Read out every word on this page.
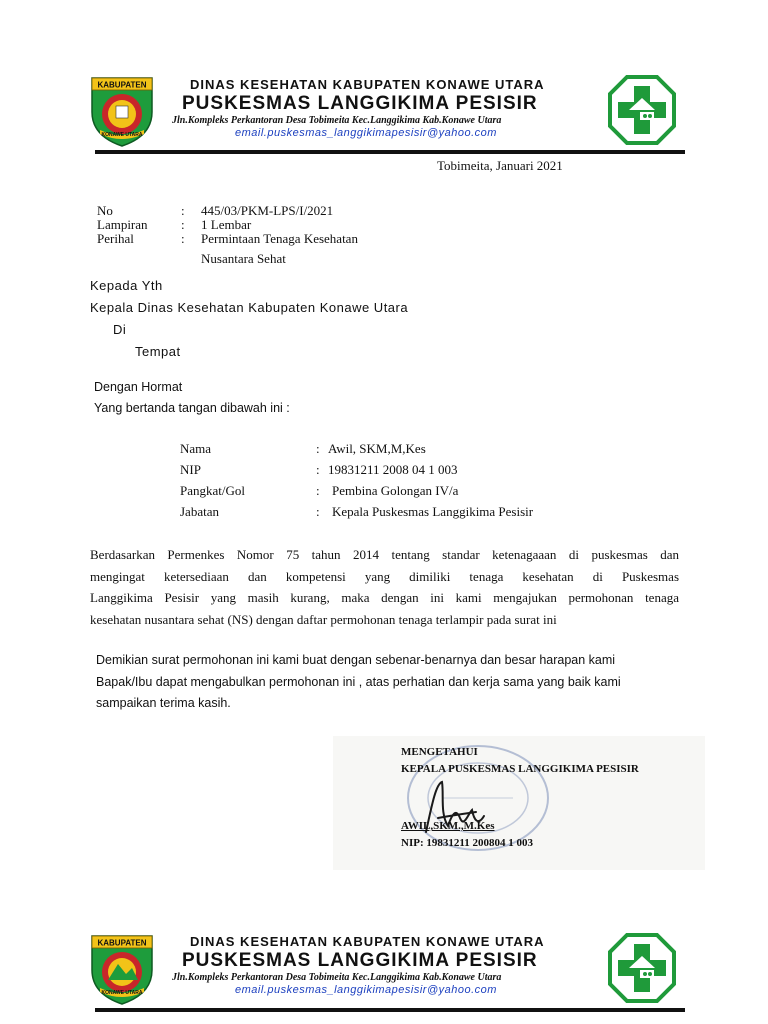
KABUPATEN
KONAWE UTARA
DINAS KESEHATAN KABUPATEN KONAWE UTARA
PUSKESMAS LANGGIKIMA PESISIR
Jln.Kompleks Perkantoran Desa Tobimeita Kec.Langgikima Kab.Konawe Utara
email.puskesmas_langgikimapesisir@yahoo.com
Tobimeita, Januari 2021
No	: 445/03/PKM-LPS/I/2021
Lampiran	: 1 Lembar
Perihal	: Permintaan Tenaga Kesehatan
Nusantara Sehat
Kepada Yth
Kepala Dinas Kesehatan Kabupaten Konawe Utara
Di
Tempat
Dengan Hormat
Yang bertanda tangan dibawah ini :
Nama	: Awil, SKM,M,Kes
NIP	: 19831211 2008 04 1 003
Pangkat/Gol	: Pembina Golongan IV/a
Jabatan	: Kepala Puskesmas Langgikima Pesisir
Berdasarkan Permenkes Nomor 75 tahun 2014 tentang standar ketenagaaan di puskesmas dan
mengingat ketersediaan dan kompetensi yang dimiliki tenaga kesehatan di Puskesmas
Langgikima Pesisir yang masih kurang, maka dengan ini kami mengajukan permohonan tenaga
kesehatan nusantara sehat (NS) dengan daftar permohonan tenaga terlampir pada surat ini
Demikian surat permohonan ini kami buat dengan sebenar-benarnya dan besar harapan kami
Bapak/Ibu dapat mengabulkan permohonan ini , atas perhatian dan kerja sama yang baik kami
sampaikan terima kasih.
MENGETAHUI
KEPALA PUSKESMAS LANGGIKIMA PESISIR
AWIL,SKM.,M.Kes
NIP: 19831211 200804 1 003
KABUPATEN
KONAWE UTARA
DINAS KESEHATAN KABUPATEN KONAWE UTARA
PUSKESMAS LANGGIKIMA PESISIR
Jln.Kompleks Perkantoran Desa Tobimeita Kec.Langgikima Kab.Konawe Utara
email.puskesmas_langgikimapesisir@yahoo.com
